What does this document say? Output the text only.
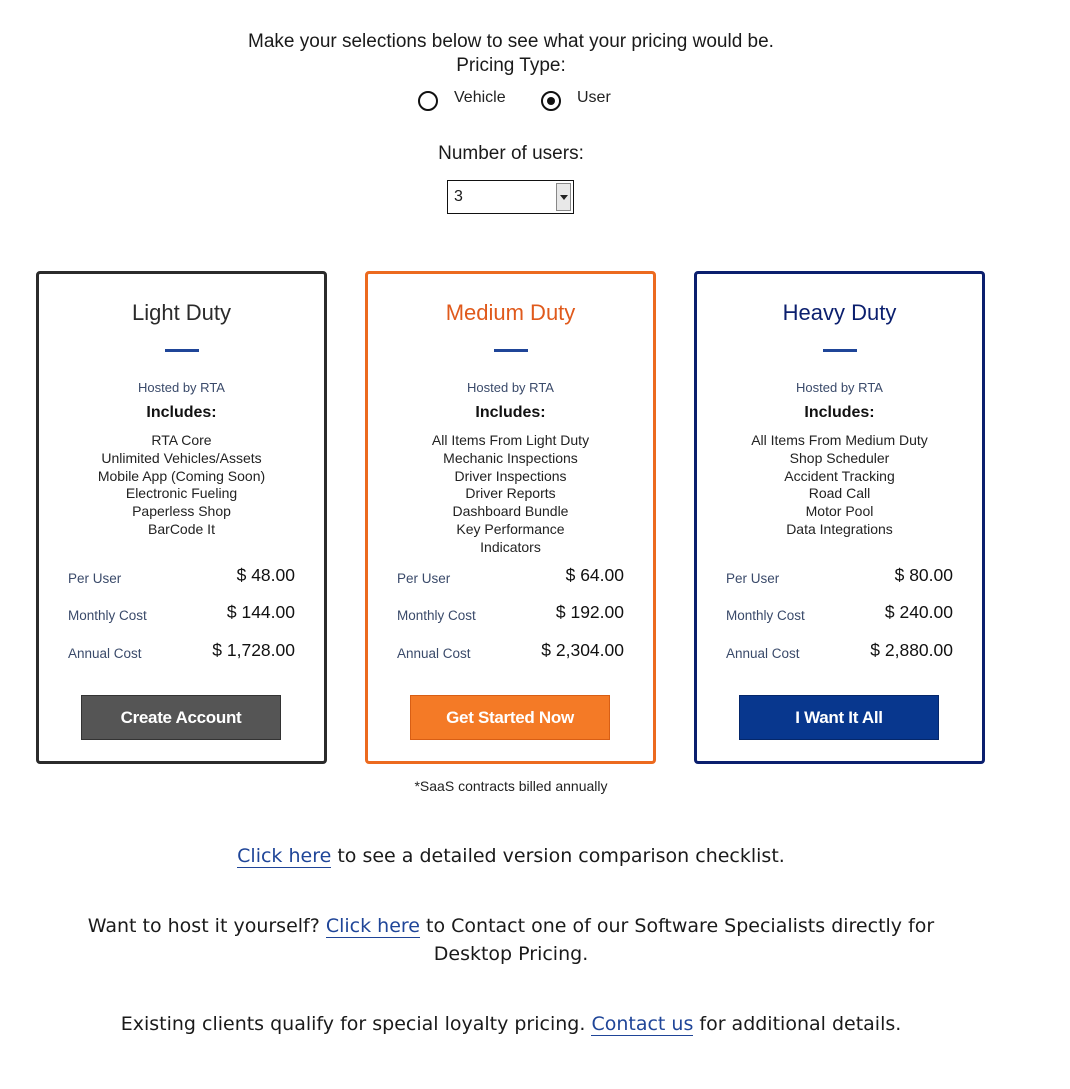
Make your selections below to see what your pricing would be.
Pricing Type:
Vehicle	User
Number of users:
3
Light Duty
Hosted by RTA
Includes:
RTA Core
Unlimited Vehicles/Assets
Mobile App (Coming Soon)
Electronic Fueling
Paperless Shop
BarCode It
Per User	$ 48.00
Monthly Cost	$ 144.00
Annual Cost	$ 1,728.00
Create Account
Medium Duty
Hosted by RTA
Includes:
All Items From Light Duty
Mechanic Inspections
Driver Inspections
Driver Reports
Dashboard Bundle
Key Performance
Indicators
Per User	$ 64.00
Monthly Cost	$ 192.00
Annual Cost	$ 2,304.00
Get Started Now
Heavy Duty
Hosted by RTA
Includes:
All Items From Medium Duty
Shop Scheduler
Accident Tracking
Road Call
Motor Pool
Data Integrations
Per User	$ 80.00
Monthly Cost	$ 240.00
Annual Cost	$ 2,880.00
I Want It All
*SaaS contracts billed annually
Click here to see a detailed version comparison checklist.
Want to host it yourself? Click here to Contact one of our Software Specialists directly for Desktop Pricing.
Existing clients qualify for special loyalty pricing. Contact us for additional details.
